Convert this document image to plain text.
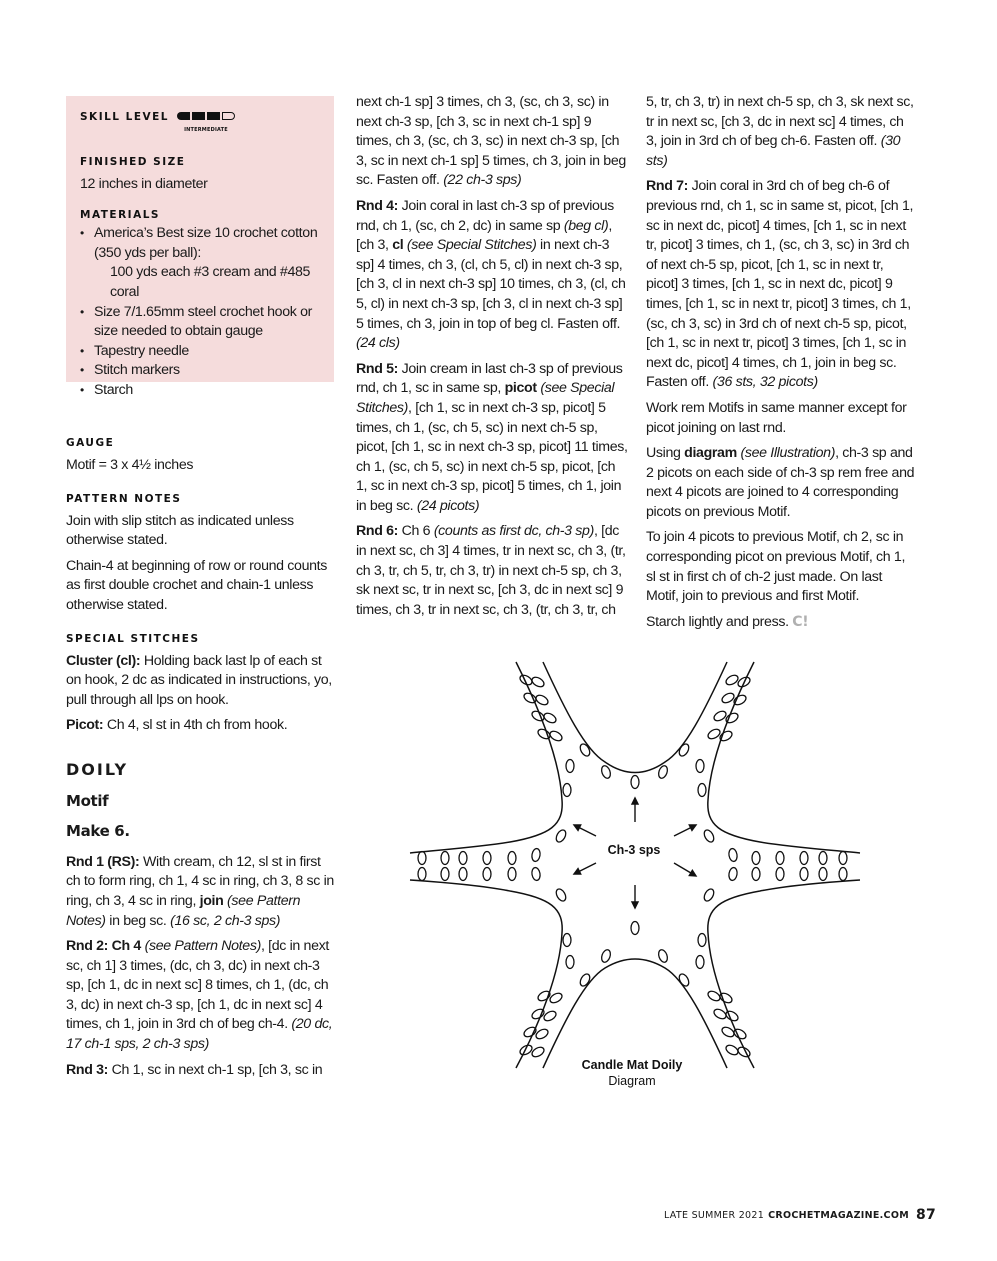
SKILL LEVEL

INTERMEDIATE

FINISHED SIZE

12 inches in diameter

MATERIALS

• America’s Best size 10 crochet cotton (350 yds per ball):
100 yds each #3 cream and #485 coral
• Size 7/1.65mm steel crochet hook or size needed to obtain gauge
• Tapestry needle
• Stitch markers
• Starch

GAUGE

Motif = 3 x 4½ inches

PATTERN NOTES

Join with slip stitch as indicated unless otherwise stated.

Chain-4 at beginning of row or round counts as first double crochet and chain-1 unless otherwise stated.

SPECIAL STITCHES

Cluster (cl): Holding back last lp of each st on hook, 2 dc as indicated in instructions, yo, pull through all lps on hook.

Picot: Ch 4, sl st in 4th ch from hook.

DOILY

Motif

Make 6.

Rnd 1 (RS): With cream, ch 12, sl st in first ch to form ring, ch 1, 4 sc in ring, ch 3, 8 sc in ring, ch 3, 4 sc in ring, join (see Pattern Notes) in beg sc. (16 sc, 2 ch-3 sps)

Rnd 2: Ch 4 (see Pattern Notes), [dc in next sc, ch 1] 3 times, (dc, ch 3, dc) in next ch-3 sp, [ch 1, dc in next sc] 8 times, ch 1, (dc, ch 3, dc) in next ch-3 sp, [ch 1, dc in next sc] 4 times, ch 1, join in 3rd ch of beg ch-4. (20 dc, 17 ch-1 sps, 2 ch-3 sps)

Rnd 3: Ch 1, sc in next ch-1 sp, [ch 3, sc in

next ch-1 sp] 3 times, ch 3, (sc, ch 3, sc) in next ch-3 sp, [ch 3, sc in next ch-1 sp] 9 times, ch 3, (sc, ch 3, sc) in next ch-3 sp, [ch 3, sc in next ch-1 sp] 5 times, ch 3, join in beg sc. Fasten off. (22 ch-3 sps)

Rnd 4: Join coral in last ch-3 sp of previous rnd, ch 1, (sc, ch 2, dc) in same sp (beg cl), [ch 3, cl (see Special Stitches) in next ch-3 sp] 4 times, ch 3, (cl, ch 5, cl) in next ch-3 sp, [ch 3, cl in next ch-3 sp] 10 times, ch 3, (cl, ch 5, cl) in next ch-3 sp, [ch 3, cl in next ch-3 sp] 5 times, ch 3, join in top of beg cl. Fasten off. (24 cls)

Rnd 5: Join cream in last ch-3 sp of previous rnd, ch 1, sc in same sp, picot (see Special Stitches), [ch 1, sc in next ch-3 sp, picot] 5 times, ch 1, (sc, ch 5, sc) in next ch-5 sp, picot, [ch 1, sc in next ch-3 sp, picot] 11 times, ch 1, (sc, ch 5, sc) in next ch-5 sp, picot, [ch 1, sc in next ch-3 sp, picot] 5 times, ch 1, join in beg sc. (24 picots)

Rnd 6: Ch 6 (counts as first dc, ch-3 sp), [dc in next sc, ch 3] 4 times, tr in next sc, ch 3, (tr, ch 3, tr, ch 5, tr, ch 3, tr) in next ch-5 sp, ch 3, sk next sc, tr in next sc, [ch 3, dc in next sc] 9 times, ch 3, tr in next sc, ch 3, (tr, ch 3, tr, ch

5, tr, ch 3, tr) in next ch-5 sp, ch 3, sk next sc, tr in next sc, [ch 3, dc in next sc] 4 times, ch 3, join in 3rd ch of beg ch-6. Fasten off. (30 sts)

Rnd 7: Join coral in 3rd ch of beg ch-6 of previous rnd, ch 1, sc in same st, picot, [ch 1, sc in next dc, picot] 4 times, [ch 1, sc in next tr, picot] 3 times, ch 1, (sc, ch 3, sc) in 3rd ch of next ch-5 sp, picot, [ch 1, sc in next tr, picot] 3 times, [ch 1, sc in next dc, picot] 9 times, [ch 1, sc in next tr, picot] 3 times, ch 1, (sc, ch 3, sc) in 3rd ch of next ch-5 sp, picot, [ch 1, sc in next tr, picot] 3 times, [ch 1, sc in next dc, picot] 4 times, ch 1, join in beg sc. Fasten off. (36 sts, 32 picots)

Work rem Motifs in same manner except for picot joining on last rnd.

Using diagram (see Illustration), ch-3 sp and 2 picots on each side of ch-3 sp rem free and next 4 picots are joined to 4 corresponding picots on previous Motif.

To join 4 picots to previous Motif, ch 2, sc in corresponding picot on previous Motif, ch 1, sl st in first ch of ch-2 just made. On last Motif, join to previous and first Motif.

Starch lightly and press. C!

Ch-3 sps
Candle Mat Doily
Diagram
LATE SUMMER 2021 CROCHETMAGAZINE.COM 87
